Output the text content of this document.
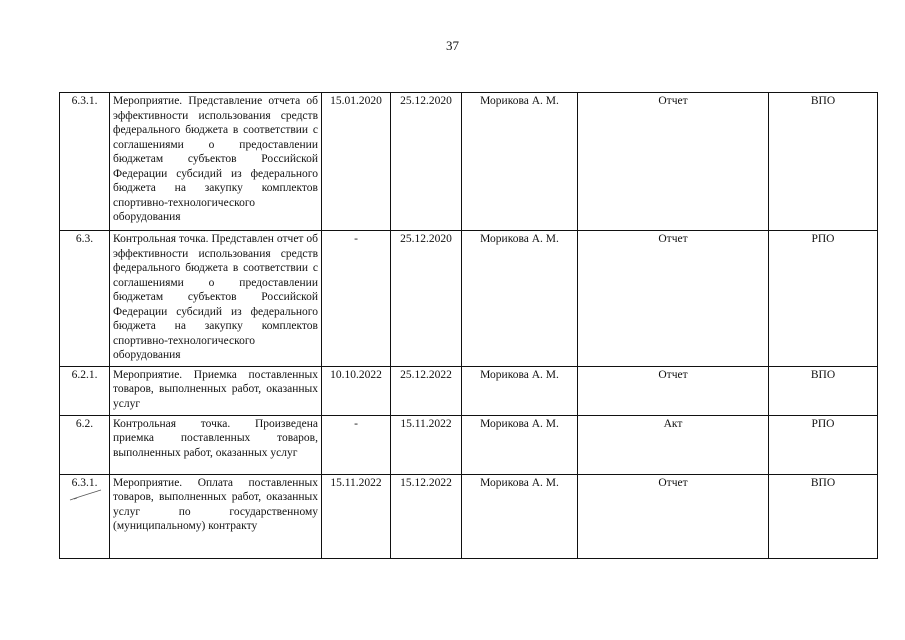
37
6.3.1.	Мероприятие. Представление отчета об эффективности использования средств федерального бюджета в соответствии с соглашениями о предоставлении бюджетам субъектов Российской Федерации субсидий из федерального бюджета на закупку комплектов спортивно-технологического оборудования	15.01.2020	25.12.2020	Морикова А. М.	Отчет	ВПО
6.3.	Контрольная точка. Представлен отчет об эффективности использования средств федерального бюджета в соответствии с соглашениями о предоставлении бюджетам субъектов Российской Федерации субсидий из федерального бюджета на закупку комплектов спортивно-технологического оборудования	-	25.12.2020	Морикова А. М.	Отчет	РПО
6.2.1.	Мероприятие. Приемка поставленных товаров, выполненных работ, оказанных услуг	10.10.2022	25.12.2022	Морикова А. М.	Отчет	ВПО
6.2.	Контрольная точка. Произведена приемка поставленных товаров, выполненных работ, оказанных услуг	-	15.11.2022	Морикова А. М.	Акт	РПО
6.3.1.	Мероприятие. Оплата поставленных товаров, выполненных работ, оказанных услуг по государственному (муниципальному) контракту	15.11.2022	15.12.2022	Морикова А. М.	Отчет	ВПО
